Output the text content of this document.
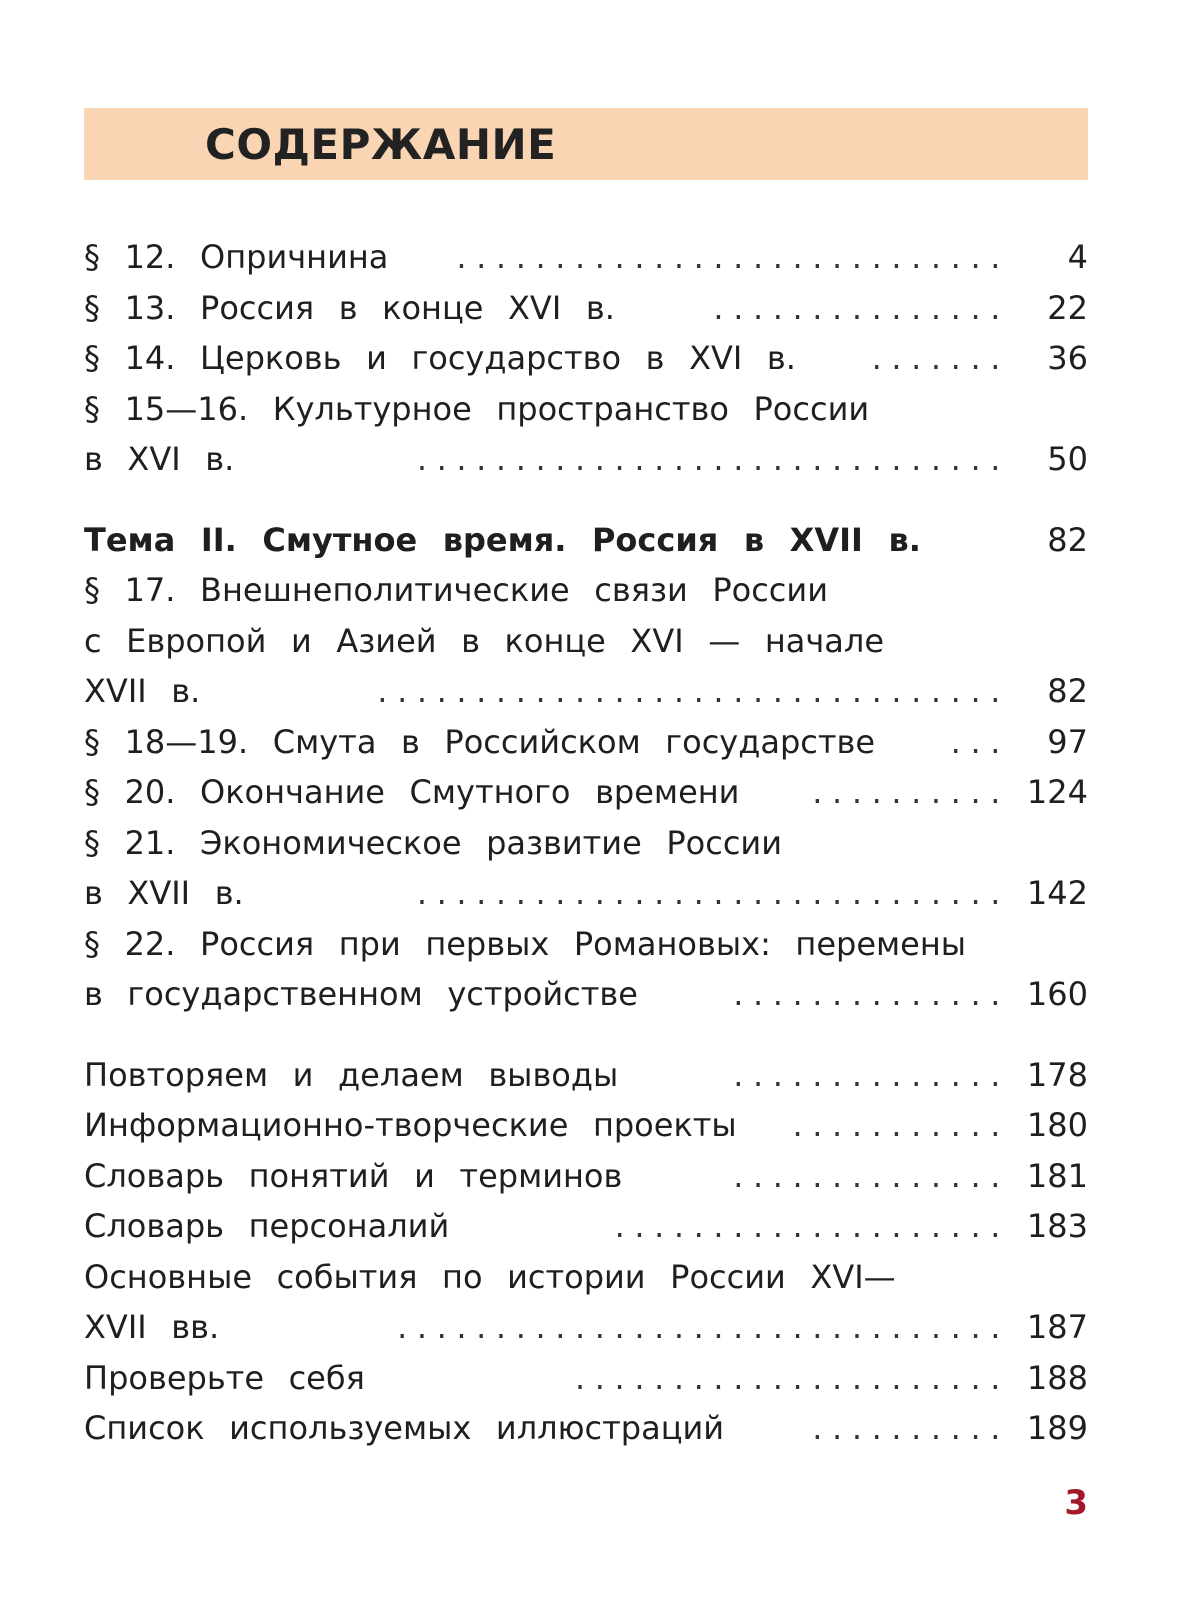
СОДЕРЖАНИЕ
§ 12. Опричнина	............................ 4
§ 13. Россия в конце XVI в.	............... 22
§ 14. Церковь и государство в XVI в.	....... 36
§ 15—16. Культурное пространство России
в XVI в.	.............................. 50
Тема II. Смутное время. Россия в XVII в.	82
§ 17. Внешнеполитические связи России
с Европой и Азией в конце XVI — начале
XVII в.	................................ 82
§ 18—19. Смута в Российском государстве	... 97
§ 20. Окончание Смутного времени	.......... 124
§ 21. Экономическое развитие России
в XVII в.	.............................. 142
§ 22. Россия при первых Романовых: перемены
в государственном устройстве	.............. 160
Повторяем и делаем выводы	.............. 178
Информационно-творческие проекты	........... 180
Словарь понятий и терминов	.............. 181
Словарь персоналий	.................... 183
Основные события по истории России XVI—
XVII вв.	............................... 187
Проверьте себя	...................... 188
Список используемых иллюстраций	.......... 189
3
